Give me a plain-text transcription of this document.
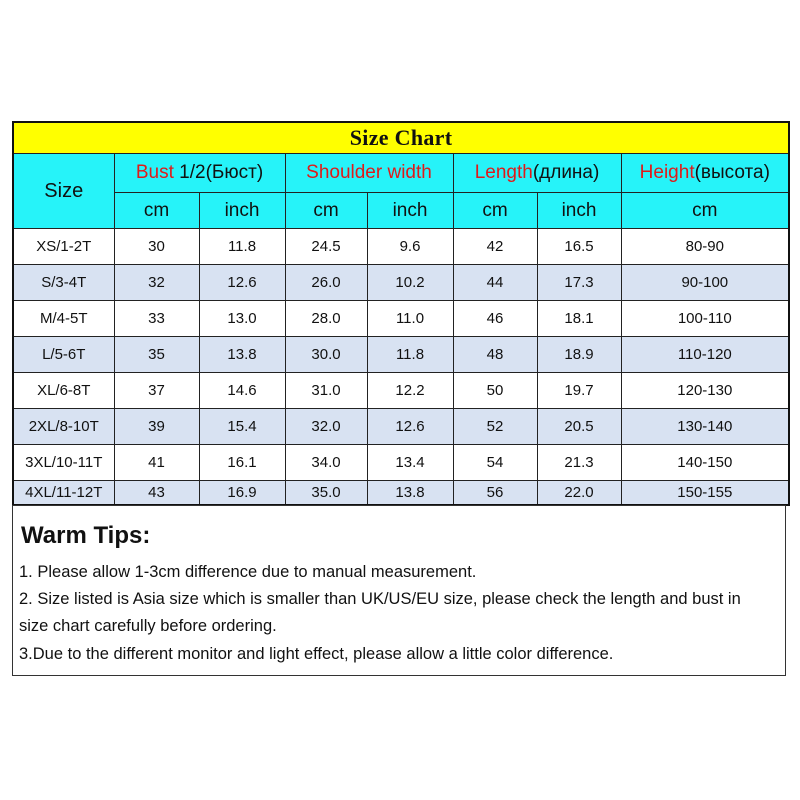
Size Chart							
Size	Bust 1/2(Бюст)		Shoulder width		Length(длина)		Height(высота)
	cm	inch	cm	inch	cm	inch	cm
XS/1-2T	30	11.8	24.5	9.6	42	16.5	80-90
S/3-4T	32	12.6	26.0	10.2	44	17.3	90-100
M/4-5T	33	13.0	28.0	11.0	46	18.1	100-110
L/5-6T	35	13.8	30.0	11.8	48	18.9	110-120
XL/6-8T	37	14.6	31.0	12.2	50	19.7	120-130
2XL/8-10T	39	15.4	32.0	12.6	52	20.5	130-140
3XL/10-11T	41	16.1	34.0	13.4	54	21.3	140-150
4XL/11-12T	43	16.9	35.0	13.8	56	22.0	150-155
Warm Tips:
1. Please allow 1-3cm difference due to manual measurement.
2. Size listed is Asia size which is smaller than UK/US/EU size, please check the length and bust in
size chart carefully before ordering.
3.Due to the different monitor and light effect, please allow a little color difference.
